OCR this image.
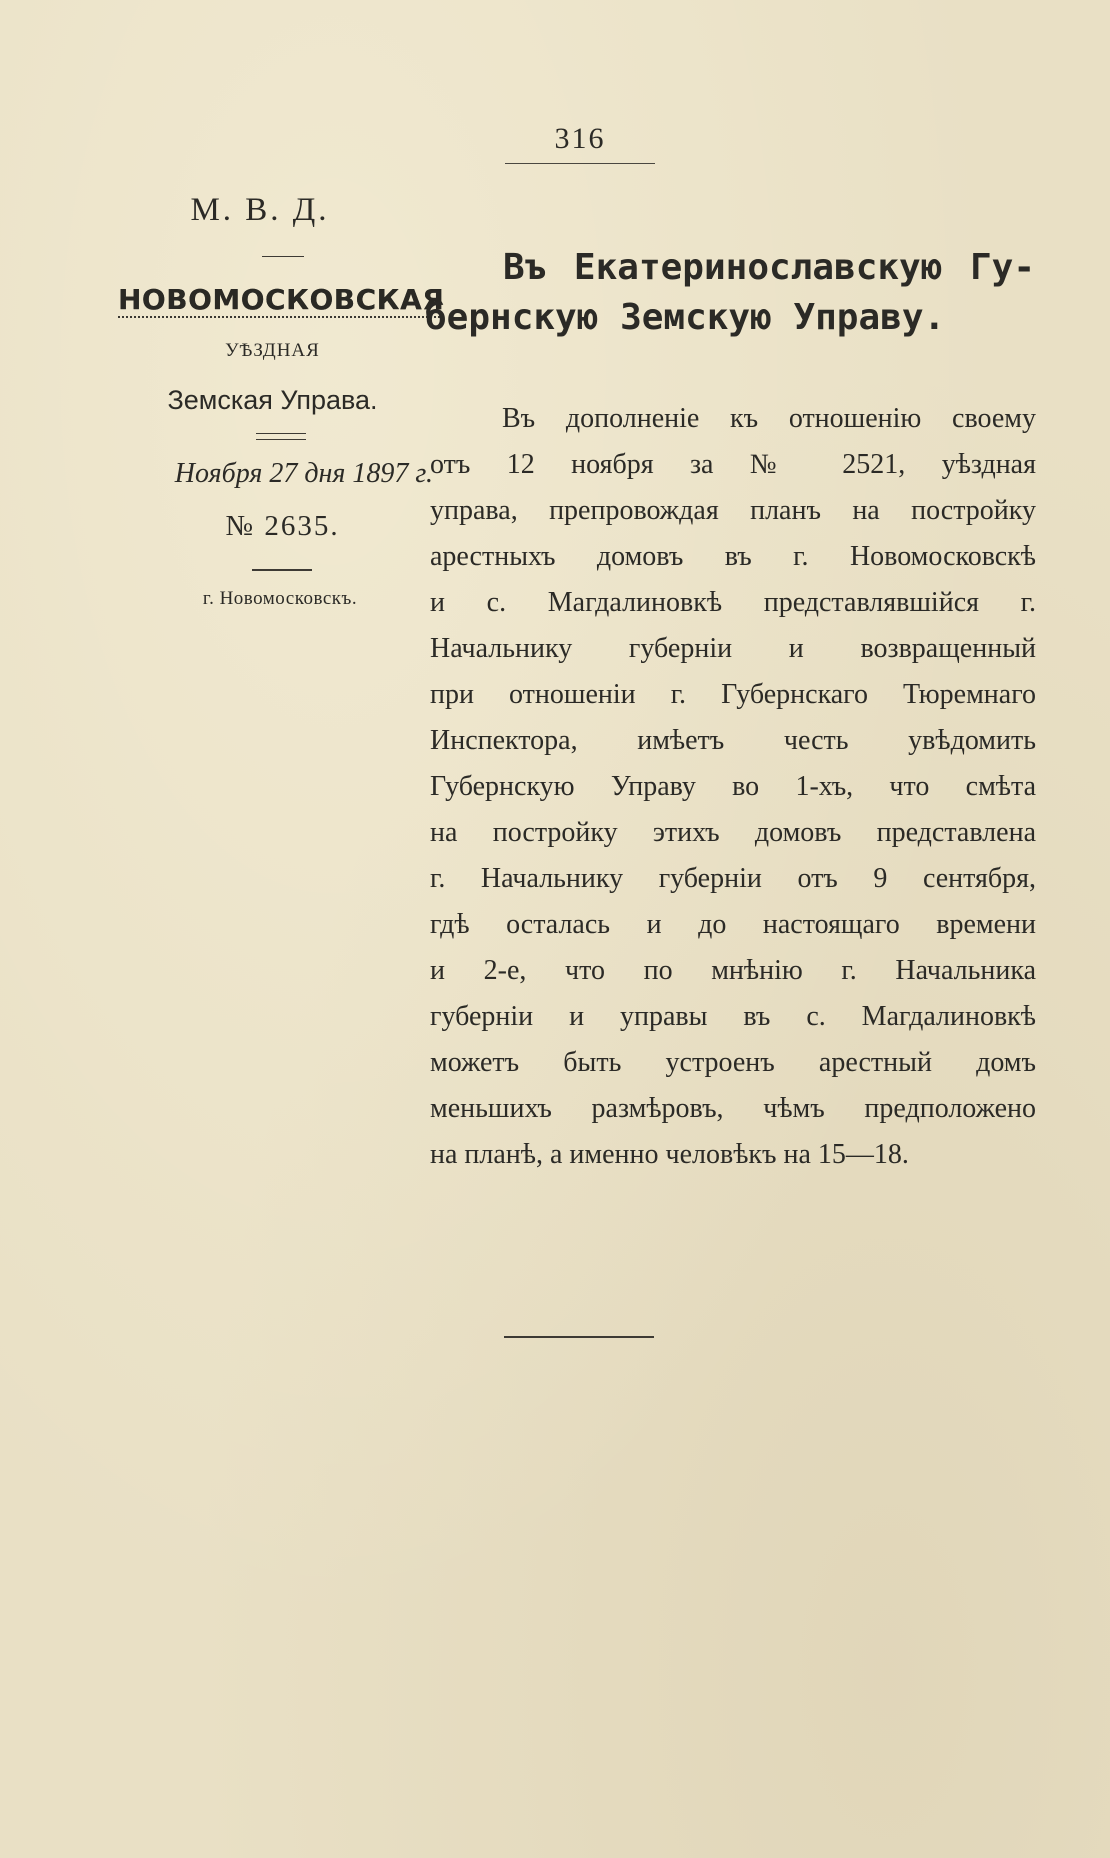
316
М. В. Д.
НОВОМОСКОВСКАЯ
УѢЗДНАЯ
Земская Управа.
Ноября 27 дня 1897 г.
№ 2635.
г. Новомосковскъ.
Въ Екатеринославскую Гу-
бернскую Земскую Управу.
Въ дополненіе къ отношенію своему
отъ 12 ноября за № 2521, уѣздная
управа, препровождая планъ на постройку
арестныхъ домовъ въ г. Новомосковскѣ
и с. Магдалиновкѣ представлявшійся г.
Начальнику губерніи и возвращенный
при отношеніи г. Губернскаго Тюремнаго
Инспектора, имѣетъ честь увѣдомить
Губернскую Управу во 1-хъ, что смѣта
на постройку этихъ домовъ представлена
г. Начальнику губерніи отъ 9 сентября,
гдѣ осталась и до настоящаго времени
и 2-е, что по мнѣнію г. Начальника
губерніи и управы въ с. Магдалиновкѣ
можетъ быть устроенъ арестный домъ
меньшихъ размѣровъ, чѣмъ предположено
на планѣ, а именно человѣкъ на 15—18.
